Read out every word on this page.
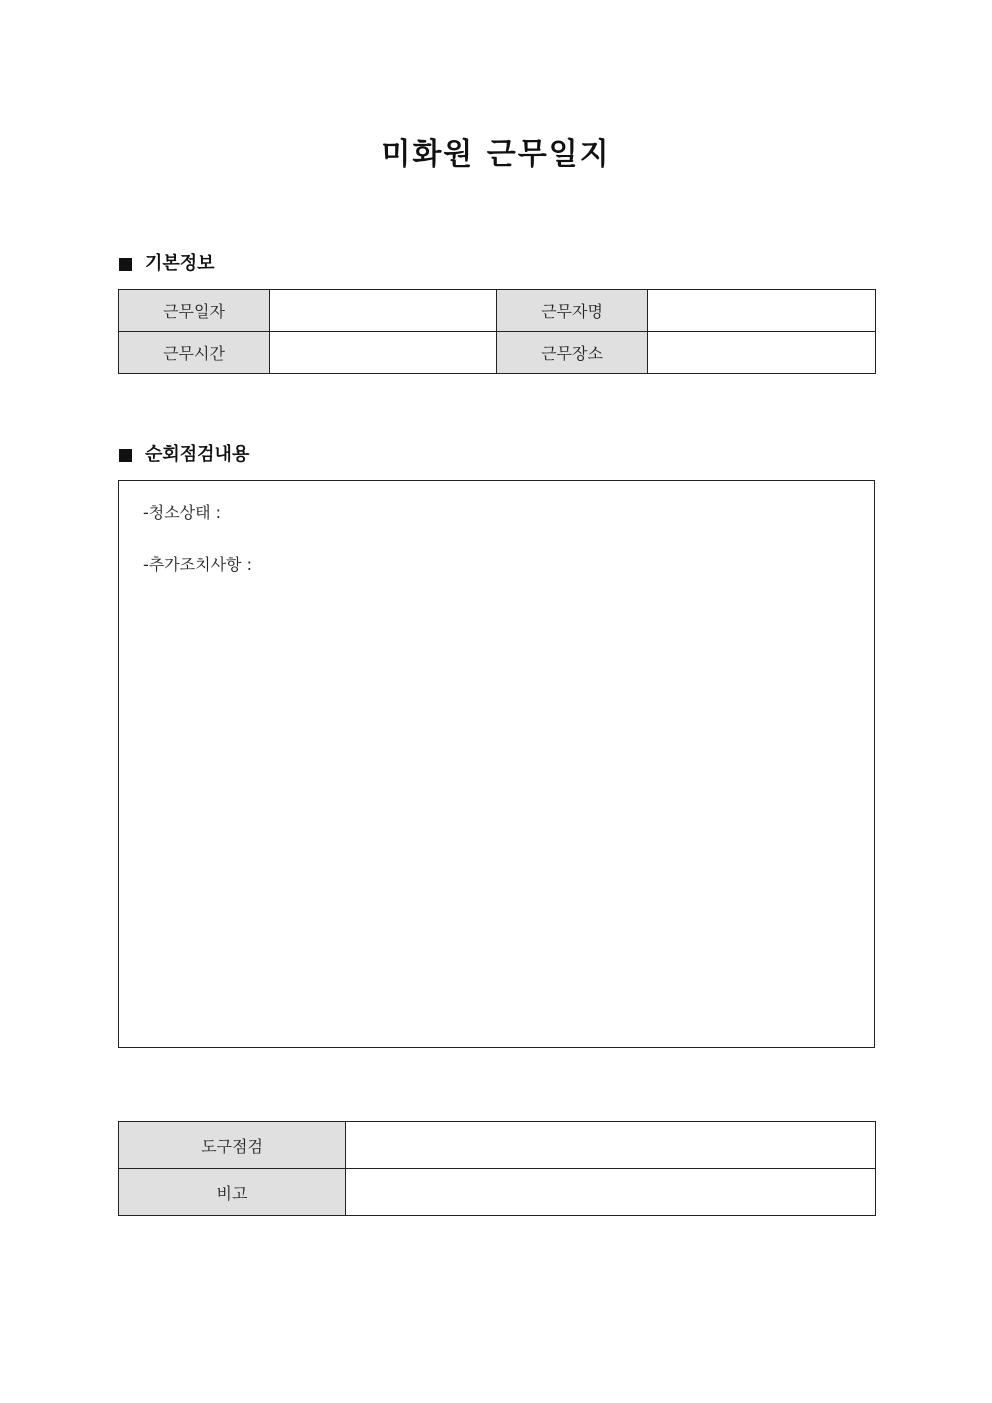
미화원 근무일지
기본정보
근무일자		근무자명	
근무시간		근무장소	
순회점검내용
-청소상태 :
-추가조치사항 :
도구점검	
비고	
